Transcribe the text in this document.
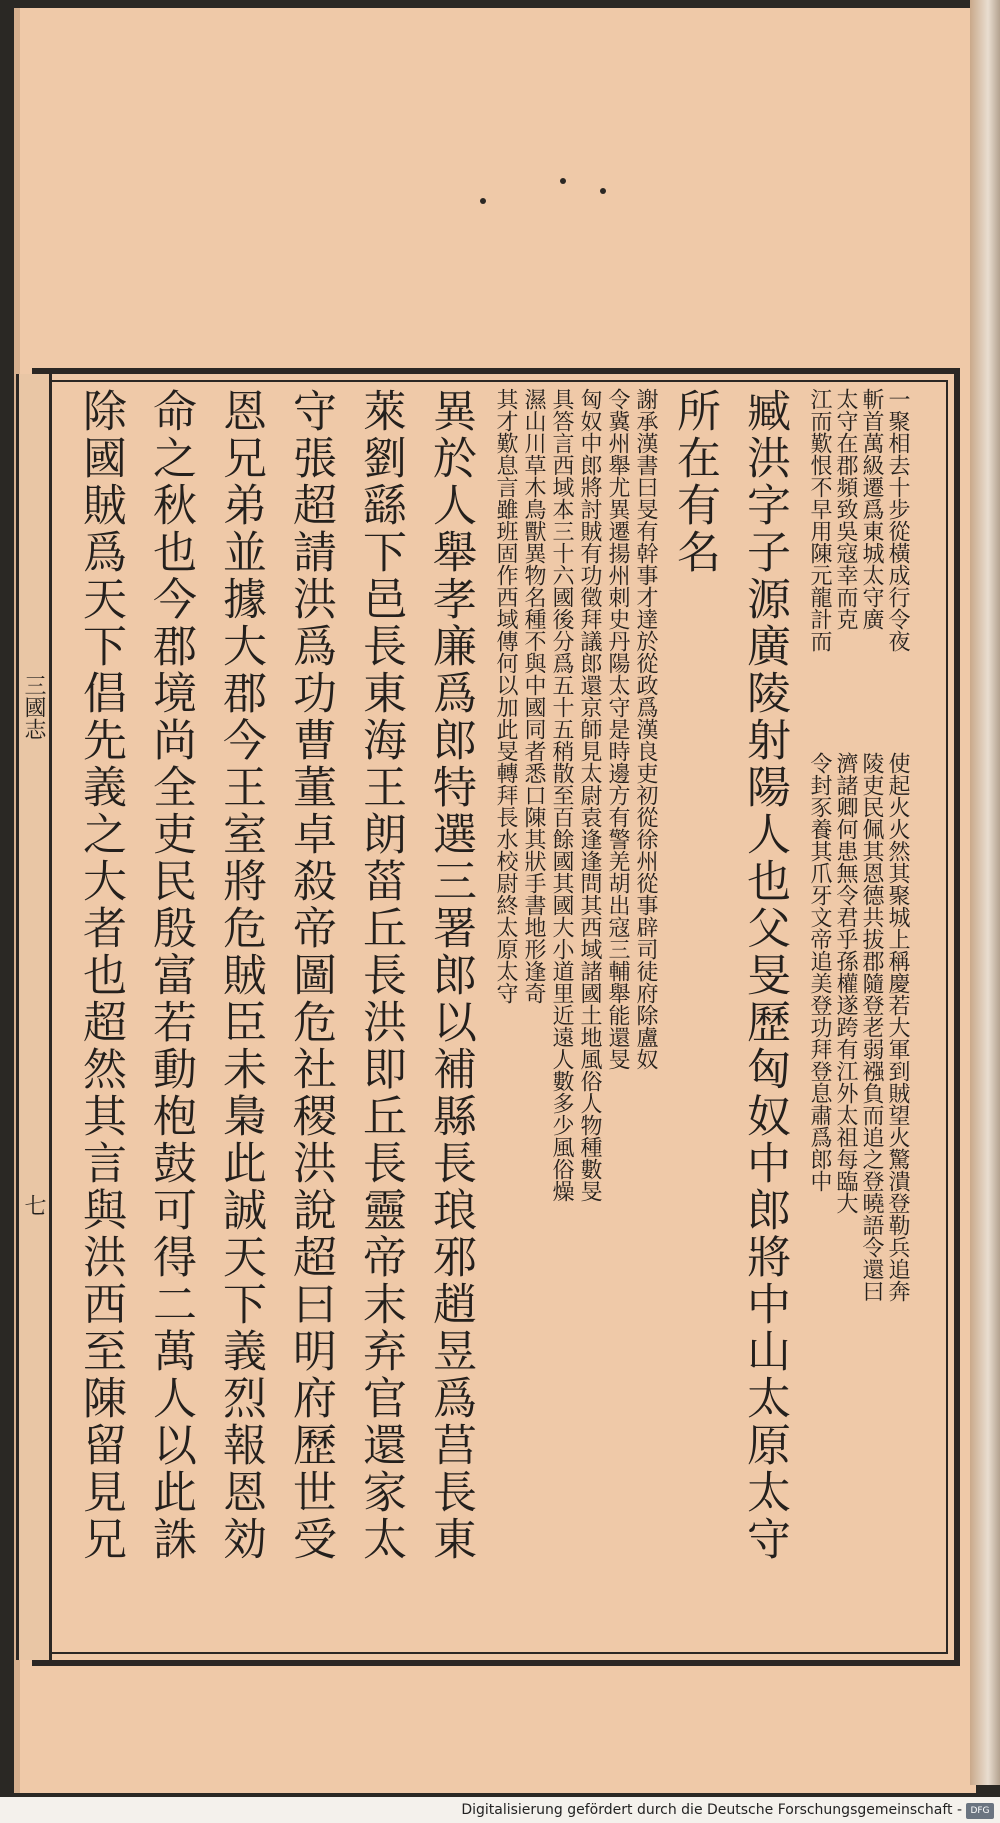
除國賊爲天下倡先義之大者也超然其言與洪西至陳留見兄 命之秋也今郡境尚全吏民殷富若動枹鼓可得二萬人以此誅 恩兄弟並據大郡今王室將危賊臣未梟此誠天下義烈報恩効 守張超請洪爲功曹董卓殺帝圖危社稷洪說超曰明府歷世受 萊劉繇下邑長東海王朗菑丘長洪即丘長靈帝末弃官還家太 異於人舉孝廉爲郎特選三署郎以補縣長琅邪趙昱爲莒長東 其才歎息言雖班固作西域傳何以加此旻轉拜長水校尉終太原太守 濕山川草木鳥獸異物名種不與中國同者悉口陳其狀手書地形逢奇 具答言西域本三十六國後分爲五十五稍散至百餘國其國大小道里近遠人數多少風俗燥 匈奴中郎將討賊有功徵拜議郎還京師見太尉袁逢逢問其西域諸國土地風俗人物種數旻 令冀州舉尤異遷揚州刺史丹陽太守是時邊方有警羌胡出寇三輔舉能還旻 謝承漢書曰旻有幹事才達於從政爲漢良吏初從徐州從事辟司徒府除盧奴 所在有名 臧洪字子源廣陵射陽人也父旻歷匈奴中郎將中山太原太守 江而歎恨不早用陳元龍計而 太守在郡頻致吳寇幸而克 斬首萬級遷爲東城太守廣 一聚相去十步從橫成行令夜
令封豕養其爪牙文帝追美登功拜登息肅爲郎中 濟諸卿何患無令君乎孫權遂跨有江外太祖每臨大 陵吏民佩其恩德共拔郡隨登老弱襁負而追之登曉語令還曰 使起火火然其聚城上稱慶若大軍到賊望火驚潰登勒兵追奔
三國志
七
Digitalisierung gefördert durch die Deutsche Forschungsgemeinschaft - DFG
